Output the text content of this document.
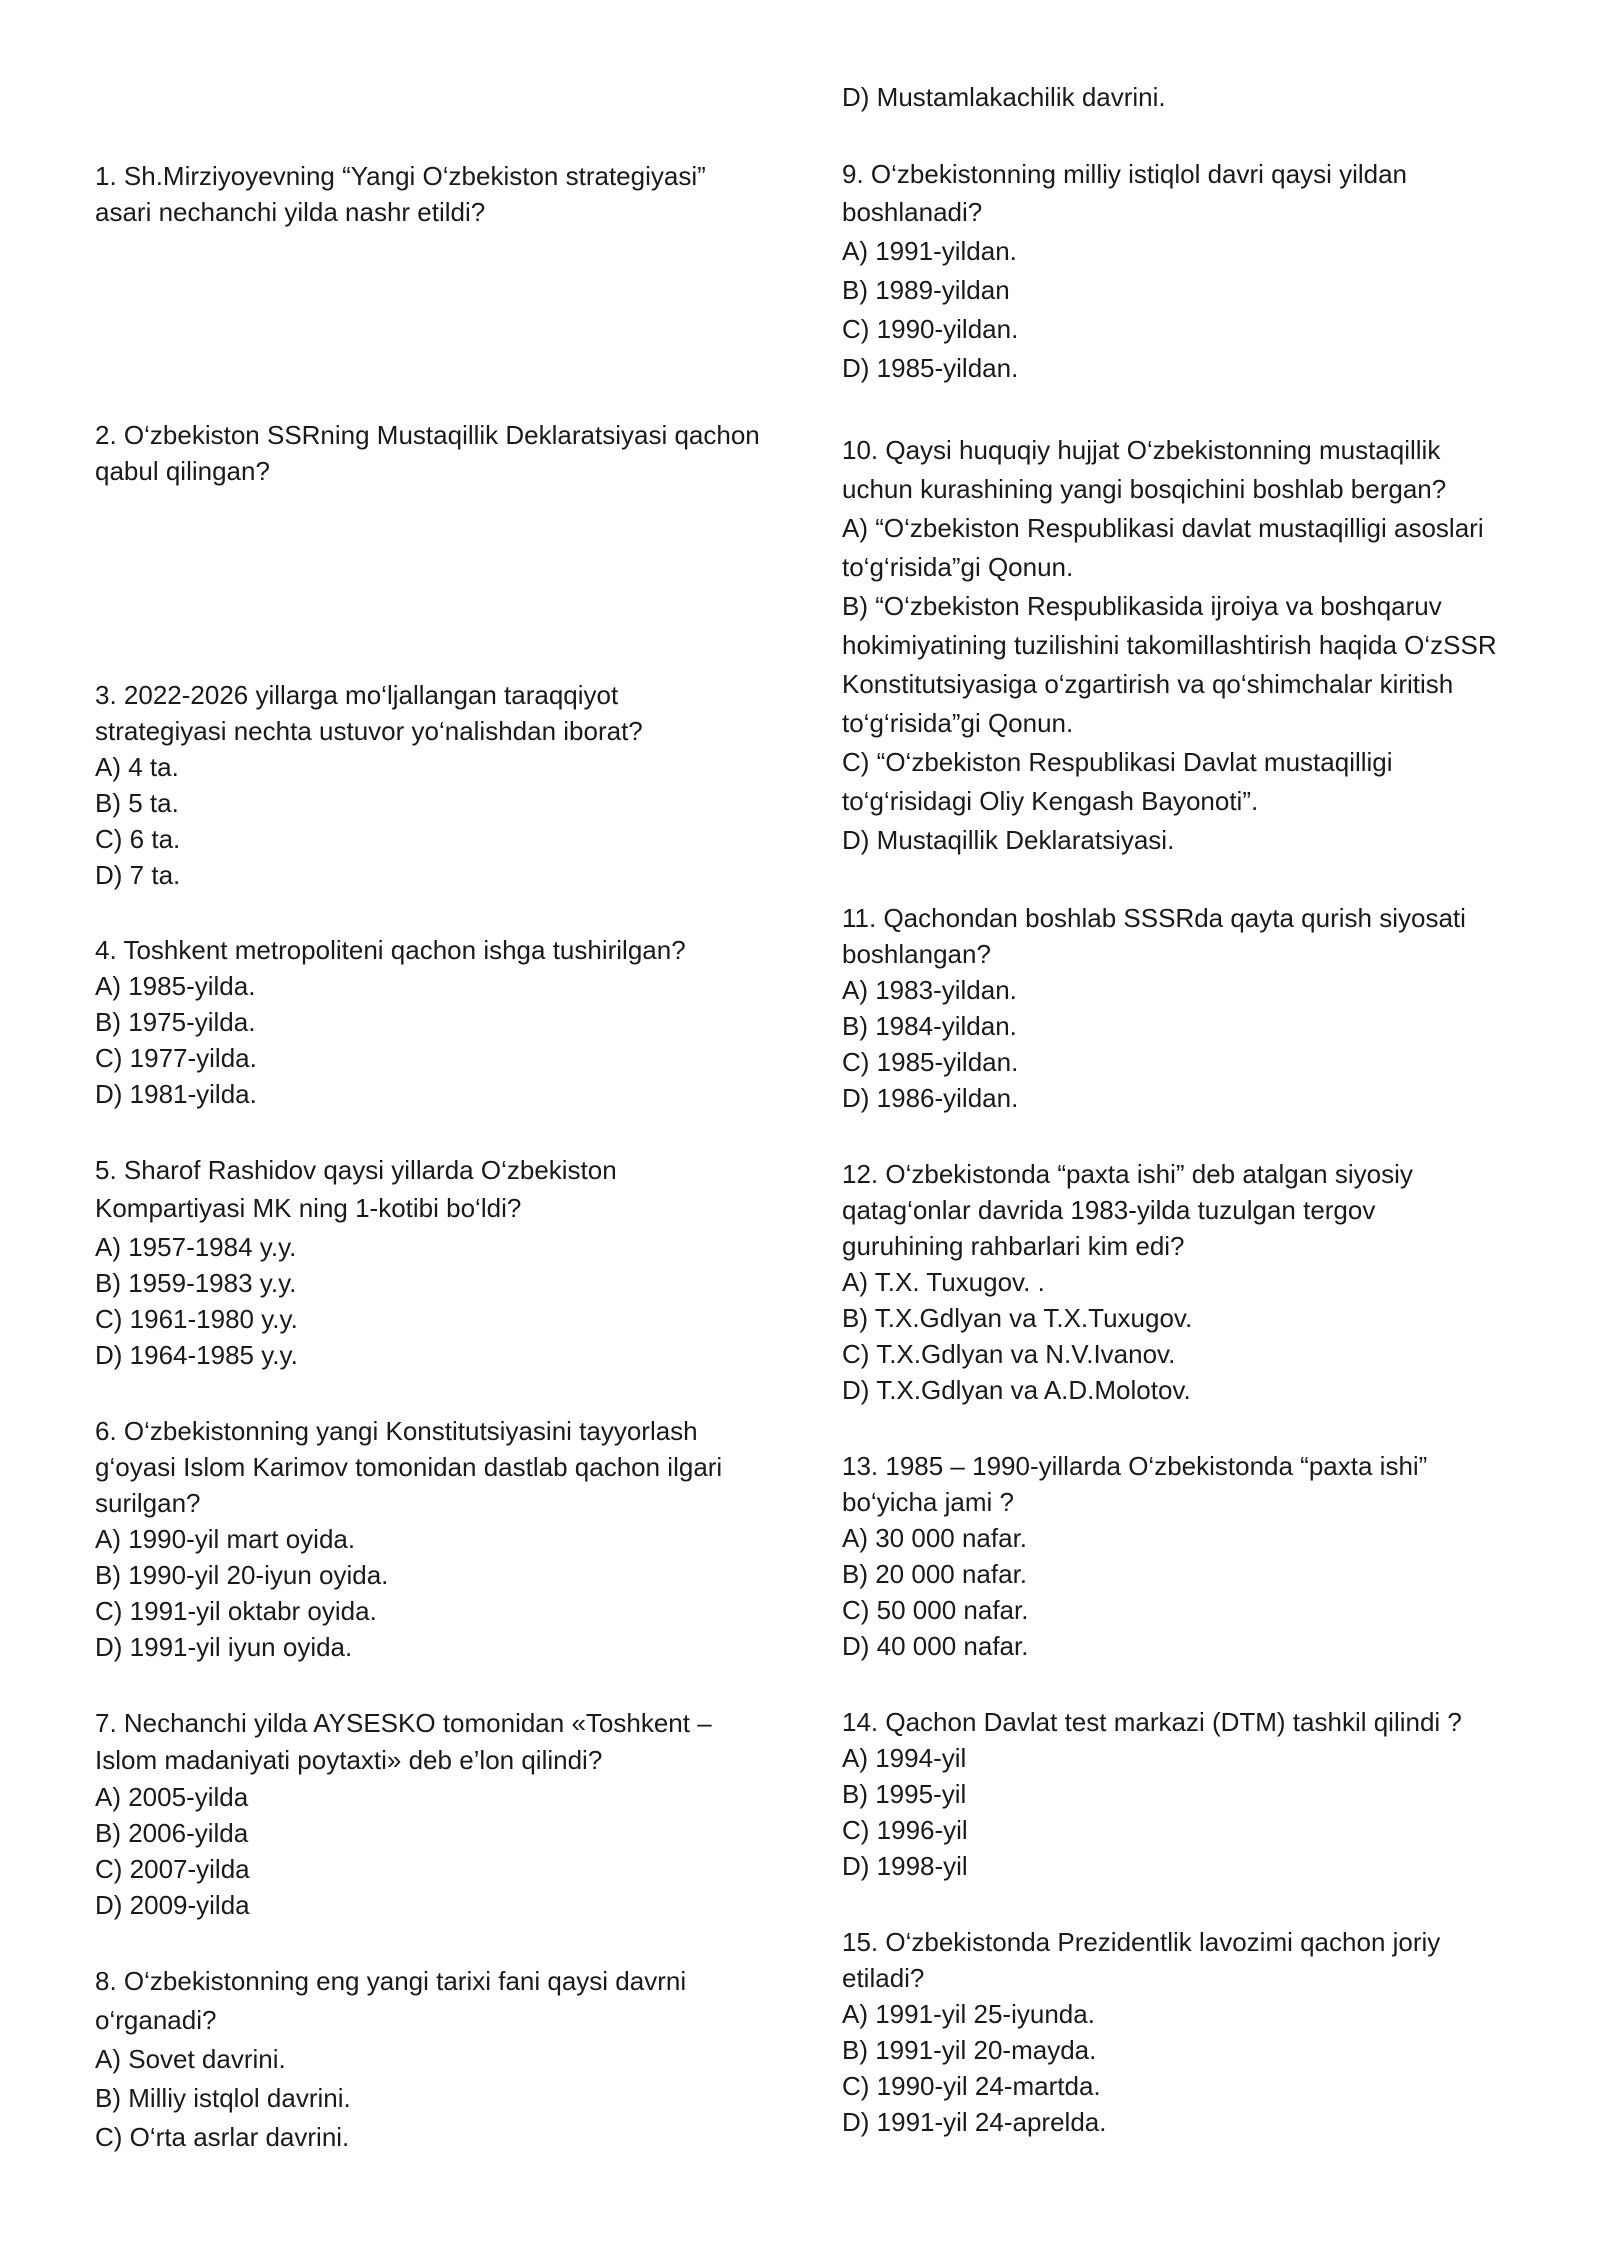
1. Sh.Mirziyoyevning “Yangi O‘zbekiston strategiyasi”
asari nechanchi yilda nashr etildi?
2. O‘zbekiston SSRning Mustaqillik Deklaratsiyasi qachon
qabul qilingan?
3. 2022-2026 yillarga mo‘ljallangan taraqqiyot
strategiyasi nechta ustuvor yo‘nalishdan iborat?
A) 4 ta.
B) 5 ta.
C) 6 ta.
D) 7 ta.
4. Toshkent metropoliteni qachon ishga tushirilgan?
A) 1985-yilda.
B) 1975-yilda.
C) 1977-yilda.
D) 1981-yilda.
5. Sharof Rashidov qaysi yillarda O‘zbekiston
Kompartiyasi MK ning 1-kotibi bo‘ldi?
A) 1957-1984 y.y.
B) 1959-1983 y.y.
C) 1961-1980 y.y.
D) 1964-1985 y.y.
6. O‘zbekistonning yangi Konstitutsiyasini tayyorlash
g‘oyasi Islom Karimov tomonidan dastlab qachon ilgari
surilgan?
A) 1990-yil mart oyida.
B) 1990-yil 20-iyun oyida.
C) 1991-yil oktabr oyida.
D) 1991-yil iyun oyida.
7. Nechanchi yilda AYSESKO tomonidan «Toshkent –
Islom madaniyati poytaxti» deb e’lon qilindi?
A) 2005-yilda
B) 2006-yilda
C) 2007-yilda
D) 2009-yilda
8. O‘zbekistonning eng yangi tarixi fani qaysi davrni
o‘rganadi?
A) Sovet davrini.
B) Milliy istqlol davrini.
C) O‘rta asrlar davrini.
D) Mustamlakachilik davrini.
9. O‘zbekistonning milliy istiqlol davri qaysi yildan
boshlanadi?
A) 1991-yildan.
B) 1989-yildan
C) 1990-yildan.
D) 1985-yildan.
10. Qaysi huquqiy hujjat O‘zbekistonning mustaqillik
uchun kurashining yangi bosqichini boshlab bergan?
A) “O‘zbekiston Respublikasi davlat mustaqilligi asoslari
to‘g‘risida”gi Qonun.
B) “O‘zbekiston Respublikasida ijroiya va boshqaruv
hokimiyatining tuzilishini takomillashtirish haqida O‘zSSR
Konstitutsiyasiga o‘zgartirish va qo‘shimchalar kiritish
to‘g‘risida”gi Qonun.
C) “O‘zbekiston Respublikasi Davlat mustaqilligi
to‘g‘risidagi Oliy Kengash Bayonoti”.
D) Mustaqillik Deklaratsiyasi.
11. Qachondan boshlab SSSRda qayta qurish siyosati
boshlangan?
A) 1983-yildan.
B) 1984-yildan.
C) 1985-yildan.
D) 1986-yildan.
12. O‘zbekistonda “paxta ishi” deb atalgan siyosiy
qatag‘onlar davrida 1983-yilda tuzulgan tergov
guruhining rahbarlari kim edi?
A) T.X. Tuxugov. .
B) T.X.Gdlyan va T.X.Tuxugov.
C) T.X.Gdlyan va N.V.Ivanov.
D) T.X.Gdlyan va A.D.Molotov.
13. 1985 – 1990-yillarda O‘zbekistonda “paxta ishi”
bo‘yicha jami ?
A) 30 000 nafar.
B) 20 000 nafar.
C) 50 000 nafar.
D) 40 000 nafar.
14. Qachon Davlat test markazi (DTM) tashkil qilindi ?
A) 1994-yil
B) 1995-yil
C) 1996-yil
D) 1998-yil
15. O‘zbekistonda Prezidentlik lavozimi qachon joriy
etiladi?
A) 1991-yil 25-iyunda.
B) 1991-yil 20-mayda.
C) 1990-yil 24-martda.
D) 1991-yil 24-aprelda.
